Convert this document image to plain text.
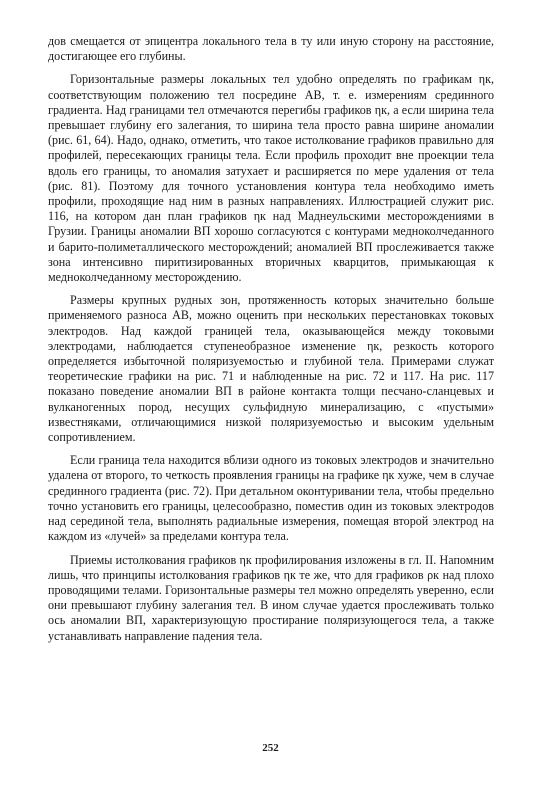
дов смещается от эпицентра локального тела в ту или иную сторону на расстояние, достигающее его глубины.

Горизонтальные размеры локальных тел удобно определять по графикам ηк, соответствующим положению тел посредине AB, т. е. измерениям срединного градиента. Над границами тел отмечаются перегибы графиков ηк, а если ширина тела превышает глубину его залегания, то ширина тела просто равна ширине аномалии (рис. 61, 64). Надо, однако, отметить, что такое истолкование графиков правильно для профилей, пересекающих границы тела. Если профиль проходит вне проекции тела вдоль его границы, то аномалия затухает и расширяется по мере удаления от тела (рис. 81). Поэтому для точного установления контура тела необходимо иметь профили, проходящие над ним в разных направлениях. Иллюстрацией служит рис. 116, на котором дан план графиков ηк над Маднеульскими месторождениями в Грузии. Границы аномалии ВП хорошо согласуются с контурами медноколчеданного и барито-полиметаллического месторождений; аномалией ВП прослеживается также зона интенсивно пиритизированных вторичных кварцитов, примыкающая к медноколчеданному месторождению.

Размеры крупных рудных зон, протяженность которых значительно больше применяемого разноса AB, можно оценить при нескольких перестановках токовых электродов. Над каждой границей тела, оказывающейся между токовыми электродами, наблюдается ступенеобразное изменение ηк, резкость которого определяется избыточной поляризуемостью и глубиной тела. Примерами служат теоретические графики на рис. 71 и наблюденные на рис. 72 и 117. На рис. 117 показано поведение аномалии ВП в районе контакта толщи песчано-сланцевых и вулканогенных пород, несущих сульфидную минерализацию, с «пустыми» известняками, отличающимися низкой поляризуемостью и высоким удельным сопротивлением.

Если граница тела находится вблизи одного из токовых электродов и значительно удалена от второго, то четкость проявления границы на графике ηк хуже, чем в случае срединного градиента (рис. 72). При детальном оконтуривании тела, чтобы предельно точно установить его границы, целесообразно, поместив один из токовых электродов над серединой тела, выполнять радиальные измерения, помещая второй электрод на каждом из «лучей» за пределами контура тела.

Приемы истолкования графиков ηк профилирования изложены в гл. II. Напомним лишь, что принципы истолкования графиков ηк те же, что для графиков ρк над плохо проводящими телами. Горизонтальные размеры тел можно определять уверенно, если они превышают глубину залегания тел. В ином случае удается прослеживать только ось аномалии ВП, характеризующую простирание поляризующегося тела, а также устанавливать направление падения тела.

252
